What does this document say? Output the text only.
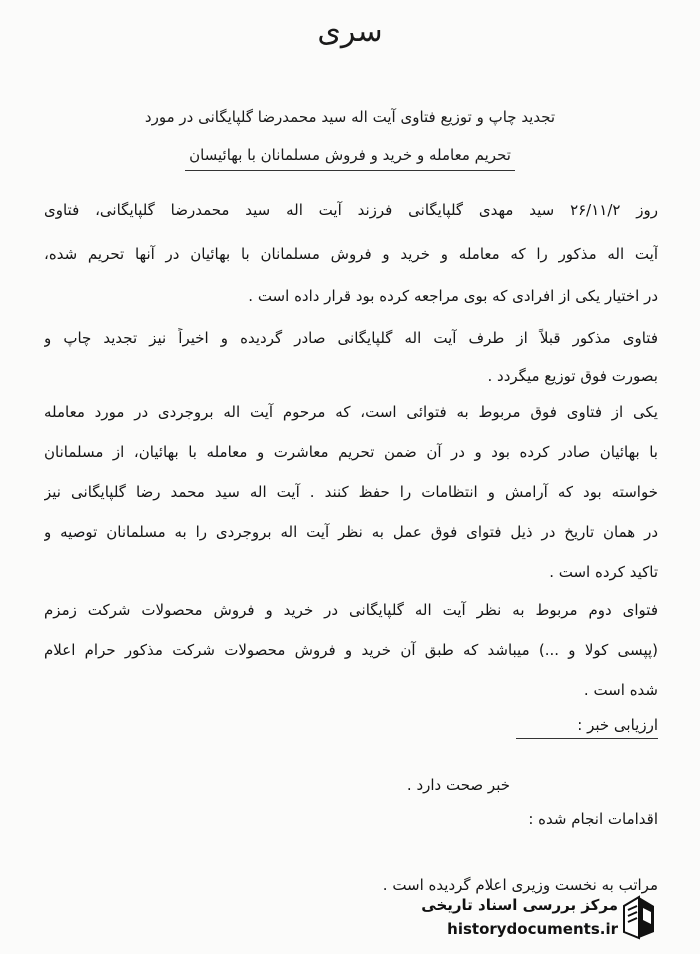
سری
تجدید چاپ و توزیع فتاوی آیت اله سید محمدرضا گلپایگانی در مورد
تحریم معامله و خرید و فروش مسلمانان با بهائیسان
روز ۲۶/۱۱/۲ سید مهدی گلپایگانی فرزند آیت اله سید محمدرضا گلپایگانی، فتاوی
آیت اله مذکور را که معامله و خرید و فروش مسلمانان با بهائیان در آنها تحریم شده،
در اختیار یکی از افرادی که بوی مراجعه کرده بود قرار داده است .
فتاوی مذکور قبلاً از طرف آیت اله گلپایگانی صادر گردیده و اخیراً نیز تجدید چاپ و
بصورت فوق توزیع میگردد .
یکی از فتاوی فوق مربوط به فتوائی است، که مرحوم آیت اله بروجردی در مورد معامله
با بهائیان صادر کرده بود و در آن ضمن تحریم معاشرت و معامله با بهائیان، از مسلمانان
خواسته بود که آرامش و انتظامات را حفظ کنند . آیت اله سید محمد رضا گلپایگانی نیز
در همان تاریخ در ذیل فتوای فوق عمل به نظر آیت اله بروجردی را به مسلمانان توصیه و
تاکید کرده است .
فتوای دوم مربوط به نظر آیت اله گلپایگانی در خرید و فروش محصولات شرکت زمزم
(پپسی کولا و ...) میباشد که طبق آن خرید و فروش محصولات شرکت مذکور حرام اعلام
شده است .
ارزیابی خبر :
خبر صحت دارد .
اقدامات انجام شده :
مراتب به نخست وزیری اعلام گردیده است .
مرکز بررسی اسناد تاریخی
historydocuments.ir
